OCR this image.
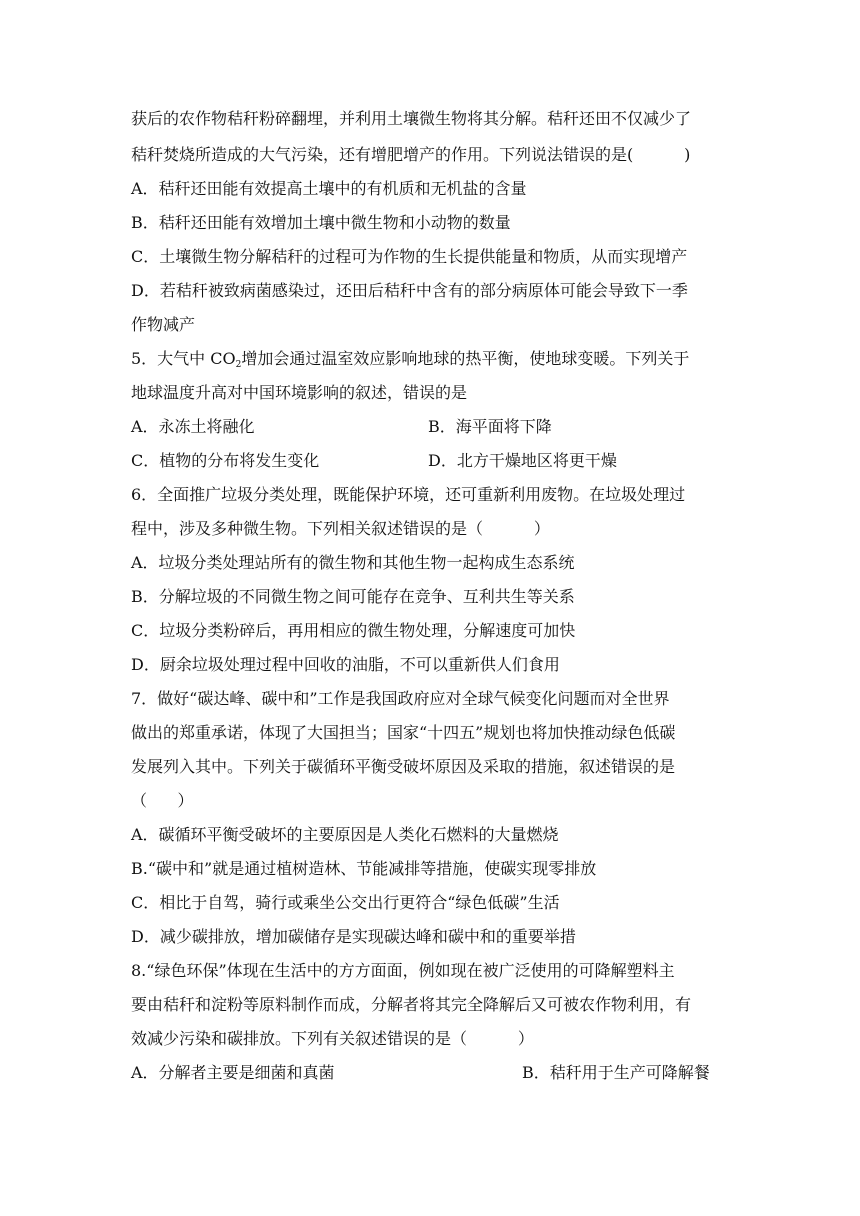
获后的农作物秸秆粉碎翻埋，并利用土壤微生物将其分解。秸秆还田不仅减少了
秸秆焚烧所造成的大气污染，还有增肥增产的作用。下列说法错误的是(          )
A．秸秆还田能有效提高土壤中的有机质和无机盐的含量
B．秸秆还田能有效增加土壤中微生物和小动物的数量
C．土壤微生物分解秸秆的过程可为作物的生长提供能量和物质，从而实现增产
D．若秸秆被致病菌感染过，还田后秸秆中含有的部分病原体可能会导致下一季
作物减产
5．大气中 $CO_2$增加会通过温室效应影响地球的热平衡，使地球变暖。下列关于
地球温度升高对中国环境影响的叙述，错误的是
A．永冻土将融化	B．海平面将下降
C．植物的分布将发生变化	D．北方干燥地区将更干燥
6．全面推广垃圾分类处理，既能保护环境，还可重新利用废物。在垃圾处理过
程中，涉及多种微生物。下列相关叙述错误的是（          ）
A．垃圾分类处理站所有的微生物和其他生物一起构成生态系统
B．分解垃圾的不同微生物之间可能存在竞争、互利共生等关系
C．垃圾分类粉碎后，再用相应的微生物处理，分解速度可加快
D．厨余垃圾处理过程中回收的油脂，不可以重新供人们食用
7．做好“碳达峰、碳中和”工作是我国政府应对全球气候变化问题而对全世界
做出的郑重承诺，体现了大国担当；国家“十四五”规划也将加快推动绿色低碳
发展列入其中。下列关于碳循环平衡受破坏原因及采取的措施，叙述错误的是
（      ）
A．碳循环平衡受破坏的主要原因是人类化石燃料的大量燃烧
B.“碳中和”就是通过植树造林、节能减排等措施，使碳实现零排放
C．相比于自驾，骑行或乘坐公交出行更符合“绿色低碳”生活
D．减少碳排放，增加碳储存是实现碳达峰和碳中和的重要举措
8.“绿色环保”体现在生活中的方方面面，例如现在被广泛使用的可降解塑料主
要由秸秆和淀粉等原料制作而成，分解者将其完全降解后又可被农作物利用，有
效减少污染和碳排放。下列有关叙述错误的是（          ）
A．分解者主要是细菌和真菌	B．秸秆用于生产可降解餐
